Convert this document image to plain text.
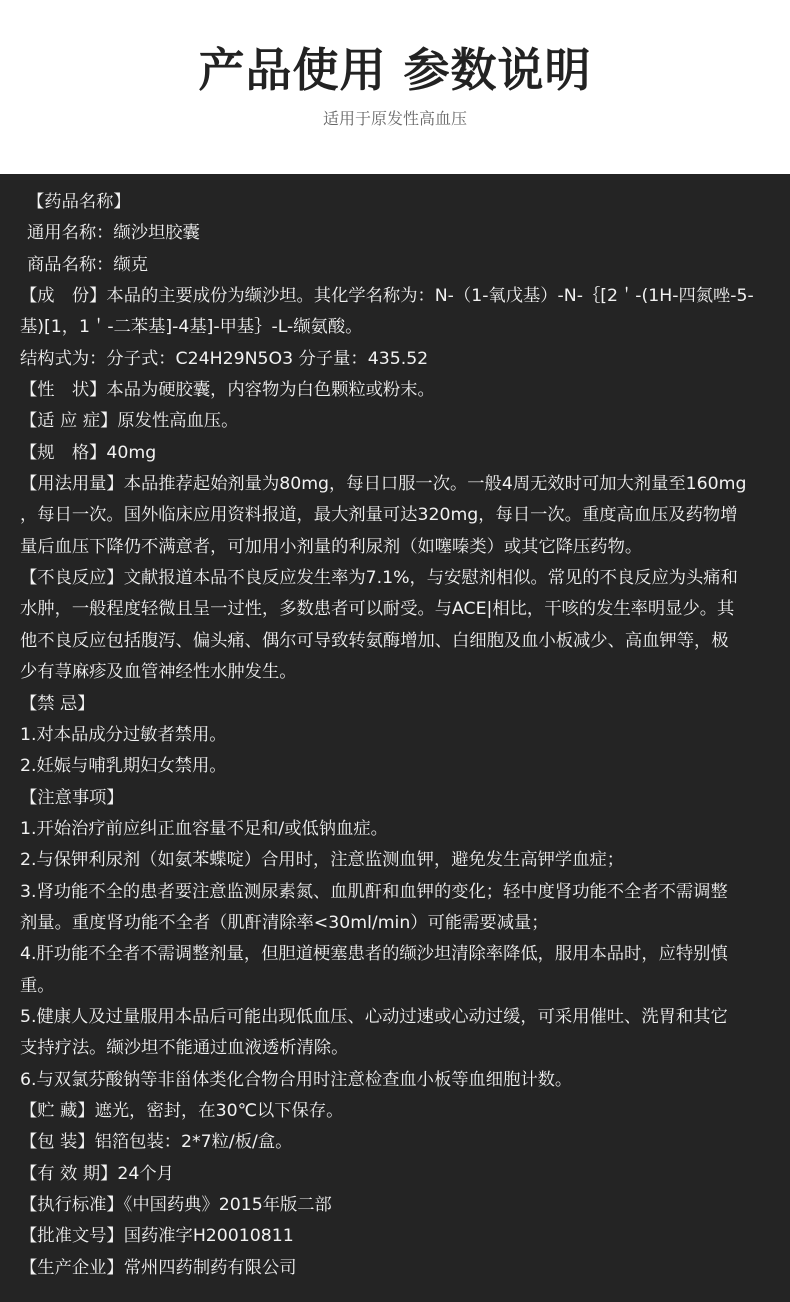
产品使用 参数说明
适用于原发性高血压
【药品名称】
通用名称：缬沙坦胶囊
商品名称：缬克
【成　份】本品的主要成份为缬沙坦。其化学名称为：N-（1-氧戊基）-N-｛[2＇-(1H-四氮唑-5-
基)[1，1＇-二苯基]-4基]-甲基｝-L-缬氨酸。
结构式为：分子式：C24H29N5O3 分子量：435.52
【性　状】本品为硬胶囊，内容物为白色颗粒或粉末。
【适 应 症】原发性高血压。
【规　格】40mg
【用法用量】本品推荐起始剂量为80mg，每日口服一次。一般4周无效时可加大剂量至160mg
，每日一次。国外临床应用资料报道，最大剂量可达320mg，每日一次。重度高血压及药物增
量后血压下降仍不满意者，可加用小剂量的利尿剂（如噻嗪类）或其它降压药物。
【不良反应】文献报道本品不良反应发生率为7.1%，与安慰剂相似。常见的不良反应为头痛和
水肿，一般程度轻微且呈一过性，多数患者可以耐受。与ACE|相比，干咳的发生率明显少。其
他不良反应包括腹泻、偏头痛、偶尔可导致转氨酶增加、白细胞及血小板减少、高血钾等，极
少有荨麻疹及血管神经性水肿发生。
【禁 忌】
1.对本品成分过敏者禁用。
2.妊娠与哺乳期妇女禁用。
【注意事项】
1.开始治疗前应纠正血容量不足和/或低钠血症。
2.与保钾利尿剂（如氨苯蝶啶）合用时，注意监测血钾，避免发生高钾学血症；
3.肾功能不全的患者要注意监测尿素氮、血肌酐和血钾的变化；轻中度肾功能不全者不需调整
剂量。重度肾功能不全者（肌酐清除率<30ml/min）可能需要减量；
4.肝功能不全者不需调整剂量，但胆道梗塞患者的缬沙坦清除率降低，服用本品时，应特别慎
重。
5.健康人及过量服用本品后可能出现低血压、心动过速或心动过缓，可采用催吐、洗胃和其它
支持疗法。缬沙坦不能通过血液透析清除。
6.与双氯芬酸钠等非甾体类化合物合用时注意检查血小板等血细胞计数。
【贮 藏】遮光，密封，在30℃以下保存。
【包 装】铝箔包装：2*7粒/板/盒。
【有 效 期】24个月
【执行标准】《中国药典》2015年版二部
【批准文号】国药准字H20010811
【生产企业】常州四药制药有限公司
